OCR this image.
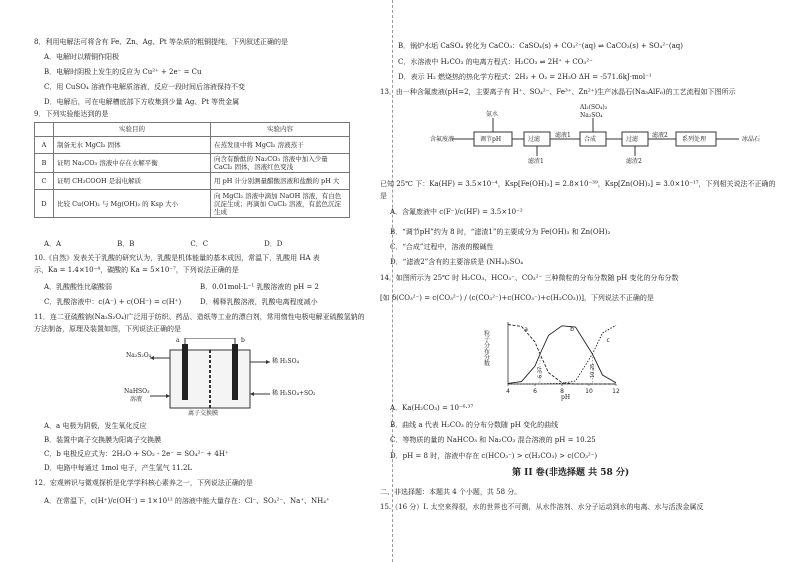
8．利用电解法可将含有 Fe、Zn、Ag、Pt 等杂质的粗铜提纯，下列叙述正确的是
A．电解时以精铜作阳极
B．电解时阴极上发生的反应为 Cu²⁺ + 2e⁻ = Cu
C．用 CuSO₄ 溶液作电解质溶液，反应一段时间后溶液保持不变
D．电解后，可在电解槽底部下方收集到少量 Ag、Pt 等贵金属
9．下列实验能达到的是
	实验目的	实验内容
A	制备无水 MgCl₂ 固体	在蒸发皿中将 MgCl₂ 溶液蒸干
B	证明 Na₂CO₃ 溶液中存在水解平衡	向含有酚酞的 Na₂CO₃ 溶液中加入少量 CaCl₂ 固体，溶液红色变浅
C	证明 CH₃COOH 是弱电解质	用 pH 计分别测量醋酸溶液和盐酸的 pH 大
D	比较 Cu(OH)₂ 与 Mg(OH)₂ 的 Ksp 大小	向 MgCl₂ 溶液中滴加 NaOH 溶液，有白色沉淀生成；再滴加 CuCl₂ 溶液，有蓝色沉淀生成
A．A	B．B	C．C	D．D
10.《自然》发表关于乳酸的研究认为，乳酸是机体能量的基本成因，常温下，乳酸用 HA 表
示，Ka = 1.4×10⁻⁴，碳酸的 Ka = 5×10⁻⁷，下列说法正确的是
A．乳酸酸性比碳酸弱	B．0.01mol·L⁻¹ 乳酸溶液的 pH = 2
C．乳酸溶液中：c(A⁻) + c(OH⁻) = c(H⁺)	D．稀释乳酸溶液，乳酸电离程度减小
11．连二亚硫酸钠(Na₂S₂O₄)广泛用于纺织、药品、造纸等工业的漂白剂，常用惰性电极电解亚硫酸氢钠的
方法制备，原理及装置如图，下列说法正确的是
Na₂S₂O₄
NaHSO₃
溶液
稀 H₂SO₄
稀 H₂SO₄+SO₂
a	b
离子交换膜
A．a 电极为阴极，发生氧化反应
B．装置中离子交换膜为阳离子交换膜
C．b 电极反应式为：2H₂O + SO₂ - 2e⁻ = SO₄²⁻ + 4H⁺
D．电路中每通过 1mol 电子，产生氢气 11.2L
12．宏观辨识与微观探析是化学学科核心素养之一，下列说法正确的是
A．在常温下，c(H⁺)/c(OH⁻) = 1×10¹² 的溶液中能大量存在：Cl⁻、SO₃²⁻、Na⁺、NH₄⁺
B．锅炉水垢 CaSO₄ 转化为 CaCO₃：CaSO₄(s) + CO₃²⁻(aq) ⇌ CaCO₃(s) + SO₄²⁻(aq)
C．水溶液中 H₂CO₃ 的电离方程式：H₂CO₃ ⇌ 2H⁺ + CO₃²⁻
D．表示 H₂ 燃烧热的热化学方程式：2H₂ + O₂ = 2H₂O ΔH = -571.6kJ·mol⁻¹
13．由一种含氟废液(pH=2，主要离子有 H⁺、SO₄²⁻、Fe³⁺、Zn²⁺)生产冰晶石(Na₃AlF₆)的工艺流程如下图所示
含氟废液	调节pH	过滤	合成	过滤	系列处理	冰晶石
氨水
Al₂(SO₄)₃
Na₂SO₄
滤渣1
滤液1
滤渣2
滤液2
已知 25℃ 下：Ka(HF) = 3.5×10⁻⁴，Ksp[Fe(OH)₃] = 2.8×10⁻³⁹，Ksp[Zn(OH)₂] = 3.0×10⁻¹⁷，下列相关说法不正确的
是
A．含氟废液中 c(F⁻)/c(HF) = 3.5×10⁻²
B．“调节pH”约为 8 时，“滤渣1”的主要成分为 Fe(OH)₃ 和 Zn(OH)₂
C．“合成”过程中，溶液的酸碱性
D．“滤液2”含有的主要溶质是 (NH₄)₂SO₄
14．如图所示为 25℃ 时 H₂CO₃、HCO₃⁻、CO₃²⁻ 三种微粒的分布分数随 pH 变化的分布分数
[如 δ(CO₃²⁻) = c(CO₃²⁻) / (c(CO₃²⁻)+c(HCO₃⁻)+c(H₂CO₃))]，下列说法不正确的是
4	6	8	10	12
6.37	10.25
a	b
c
粒子分布分数
pH
A．Ka(H₂CO₃) = 10⁻⁶·³⁷
B．曲线 a 代表 H₂CO₃ 的分布分数随 pH 变化的曲线
C．等物质的量的 NaHCO₃ 和 Na₂CO₃ 混合溶液的 pH = 10.25
D．pH = 8 时，溶液中存在 c(HCO₃⁻) > c(H₂CO₃) > c(CO₃²⁻)
第 II 卷(非选择题 共 58 分)
二、非选择题：本题共 4 个小题，共 58 分。
15.（16 分）I. 太空来得很，水的世界也不可测，从水作溶剂、水分子运动到水的电离、水与活泼金属反
